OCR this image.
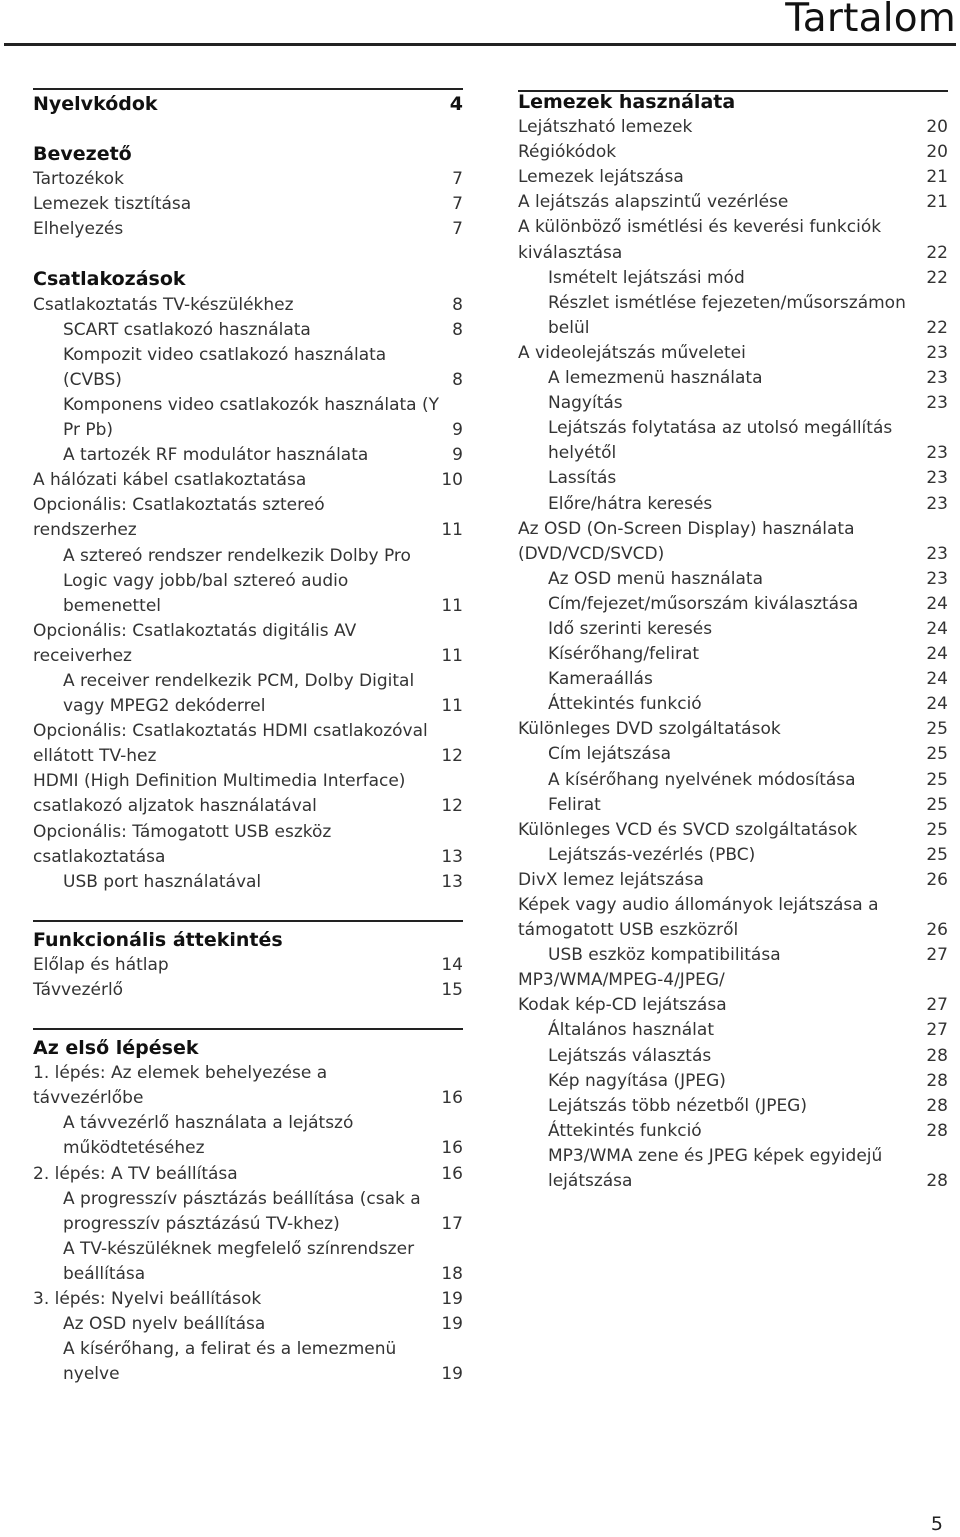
Tartalom
Nyelvkódok	4
Bevezető
Tartozékok	7
Lemezek tisztítása	7
Elhelyezés	7
Csatlakozások
Csatlakoztatás TV-készülékhez	8
SCART csatlakozó használata	8
Kompozit video csatlakozó használata (CVBS)	8
Komponens video csatlakozók használata (Y Pr Pb)	9
A tartozék RF modulátor használata	9
A hálózati kábel csatlakoztatása	10
Opcionális: Csatlakoztatás sztereó rendszerhez	11
A sztereó rendszer rendelkezik Dolby Pro Logic vagy jobb/bal sztereó audio bemenettel	11
Opcionális: Csatlakoztatás digitális AV receiverhez	11
A receiver rendelkezik PCM, Dolby Digital vagy MPEG2 dekóderrel	11
Opcionális: Csatlakoztatás HDMI csatlakozóval ellátott TV-hez	12
HDMI (High Definition Multimedia Interface) csatlakozó aljzatok használatával	12
Opcionális: Támogatott USB eszköz csatlakoztatása	13
USB port használatával	13
Funkcionális áttekintés
Előlap és hátlap	14
Távvezérlő	15
Az első lépések
1. lépés: Az elemek behelyezése a távvezérlőbe	16
A távvezérlő használata a lejátszó működtetéséhez	16
2. lépés: A TV beállítása	16
A progresszív pásztázás beállítása (csak a progresszív pásztázású TV-khez)	17
A TV-készüléknek megfelelő színrendszer beállítása	18
3. lépés: Nyelvi beállítások	19
Az OSD nyelv beállítása	19
A kísérőhang, a felirat és a lemezmenü nyelve	19
Lemezek használata
Lejátszható lemezek	20
Régiókódok	20
Lemezek lejátszása	21
A lejátszás alapszintű vezérlése	21
A különböző ismétlési és keverési funkciók kiválasztása	22
Ismételt lejátszási mód	22
Részlet ismétlése fejezeten/műsorszámon belül	22
A videolejátszás műveletei	23
A lemezmenü használata	23
Nagyítás	23
Lejátszás folytatása az utolsó megállítás helyétől	23
Lassítás	23
Előre/hátra keresés	23
Az OSD (On-Screen Display) használata (DVD/VCD/SVCD)	23
Az OSD menü használata	23
Cím/fejezet/műsorszám kiválasztása	24
Idő szerinti keresés	24
Kísérőhang/felirat	24
Kameraállás	24
Áttekintés funkció	24
Különleges DVD szolgáltatások	25
Cím lejátszása	25
A kísérőhang nyelvének módosítása	25
Felirat	25
Különleges VCD és SVCD szolgáltatások	25
Lejátszás-vezérlés (PBC)	25
DivX lemez lejátszása	26
Képek vagy audio állományok lejátszása a támogatott USB eszközről	26
USB eszköz kompatibilitása	27
MP3/WMA/MPEG-4/JPEG/
Kodak kép-CD lejátszása	27
Általános használat	27
Lejátszás választás	28
Kép nagyítása (JPEG)	28
Lejátszás több nézetből (JPEG)	28
Áttekintés funkció	28
MP3/WMA zene és JPEG képek egyidejű lejátszása	28
5
